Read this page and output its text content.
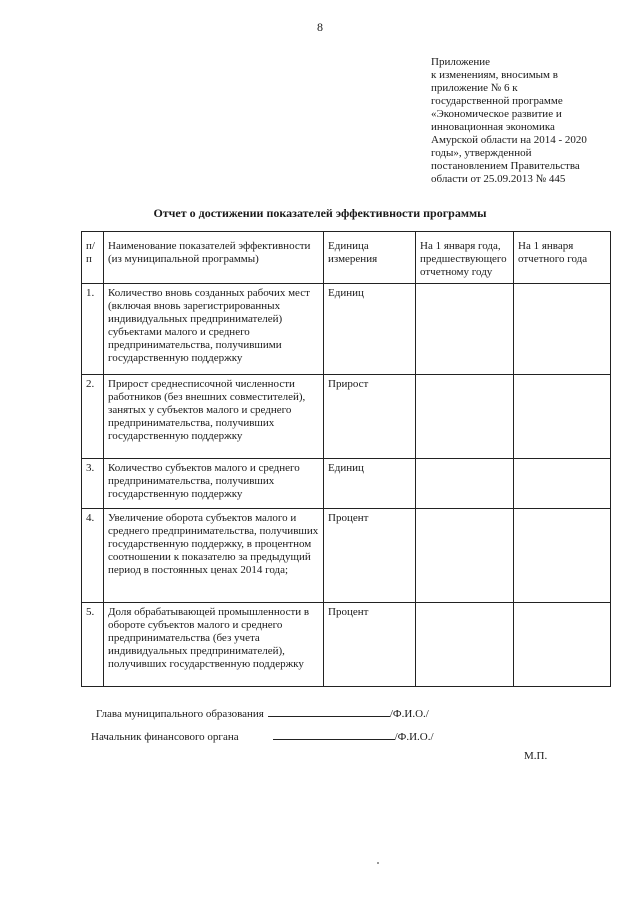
8
Приложение
к изменениям, вносимым в
приложение № 6 к
государственной программе
«Экономическое развитие и
инновационная экономика
Амурской области на 2014 - 2020
годы», утвержденной
постановлением Правительства
области от 25.09.2013 № 445
Отчет о достижении показателей эффективности программы
п/п	Наименование показателей эффективности (из муниципальной программы)	Единица измерения	На 1 января года, предшествующего отчетному году	На 1 января отчетного года
1.	Количество вновь созданных рабочих мест (включая вновь зарегистрированных индивидуальных предпринимателей) субъектами малого и среднего предпринимательства, получившими государственную поддержку	Единиц		
2.	Прирост среднесписочной численности работников (без внешних совместителей), занятых у субъектов малого и среднего предпринимательства, получивших государственную поддержку	Прирост		
3.	Количество субъектов малого и среднего предпринимательства, получивших государственную поддержку	Единиц		
4.	Увеличение оборота субъектов малого и среднего предпринимательства, получивших государственную поддержку, в процентном соотношении к показателю за предыдущий период в постоянных ценах 2014 года;	Процент		
5.	Доля обрабатывающей промышленности в обороте субъектов малого и среднего предпринимательства (без учета индивидуальных предпринимателей), получивших государственную поддержку	Процент		
Глава муниципального образования	/Ф.И.О./
Начальник финансового органа	/Ф.И.О./
М.П.
